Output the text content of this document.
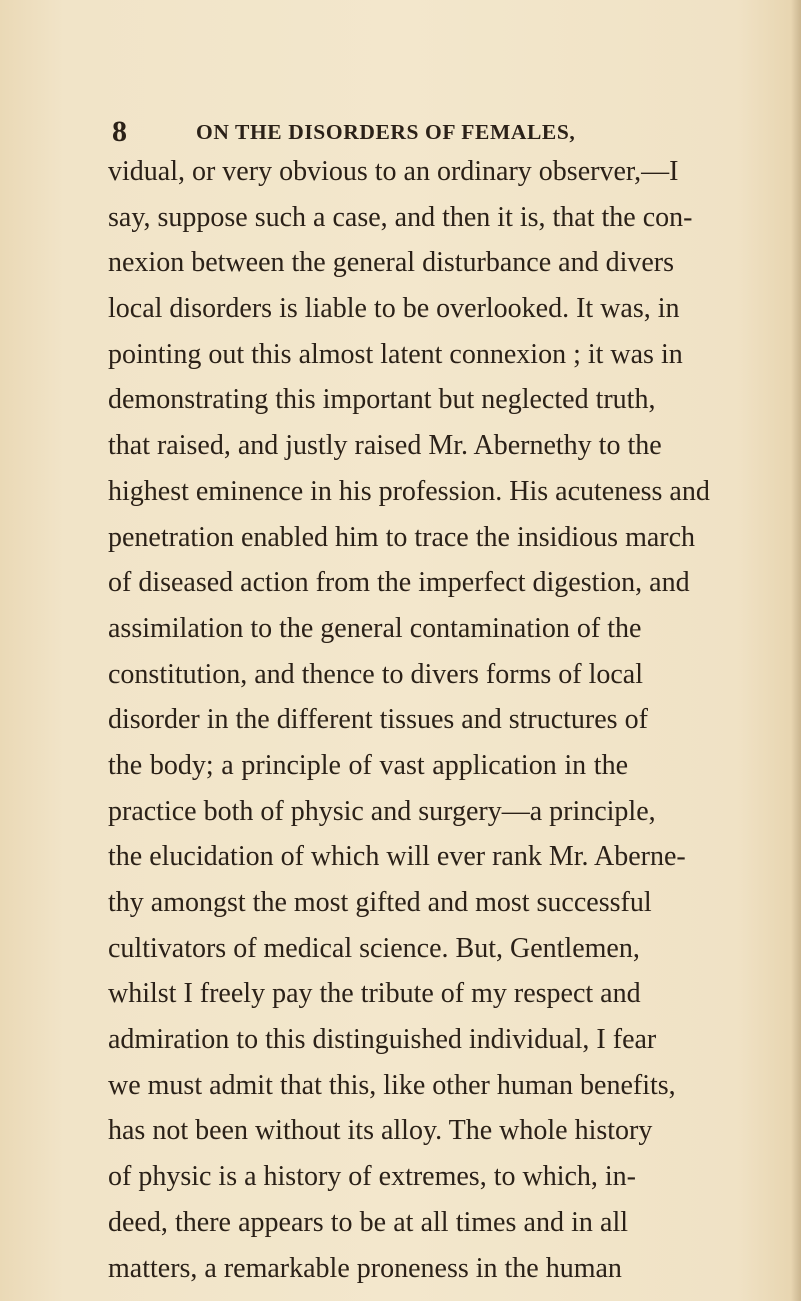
8	ON THE DISORDERS OF FEMALES,
vidual, or very obvious to an ordinary observer,—I
say, suppose such a case, and then it is, that the con-
nexion between the general disturbance and divers
local disorders is liable to be overlooked. It was, in
pointing out this almost latent connexion ; it was in
demonstrating this important but neglected truth,
that raised, and justly raised Mr. Abernethy to the
highest eminence in his profession. His acuteness and
penetration enabled him to trace the insidious march
of diseased action from the imperfect digestion, and
assimilation to the general contamination of the
constitution, and thence to divers forms of local
disorder in the different tissues and structures of
the body; a principle of vast application in the
practice both of physic and surgery—a principle,
the elucidation of which will ever rank Mr. Aberne-
thy amongst the most gifted and most successful
cultivators of medical science. But, Gentlemen,
whilst I freely pay the tribute of my respect and
admiration to this distinguished individual, I fear
we must admit that this, like other human benefits,
has not been without its alloy. The whole history
of physic is a history of extremes, to which, in-
deed, there appears to be at all times and in all
matters, a remarkable proneness in the human
